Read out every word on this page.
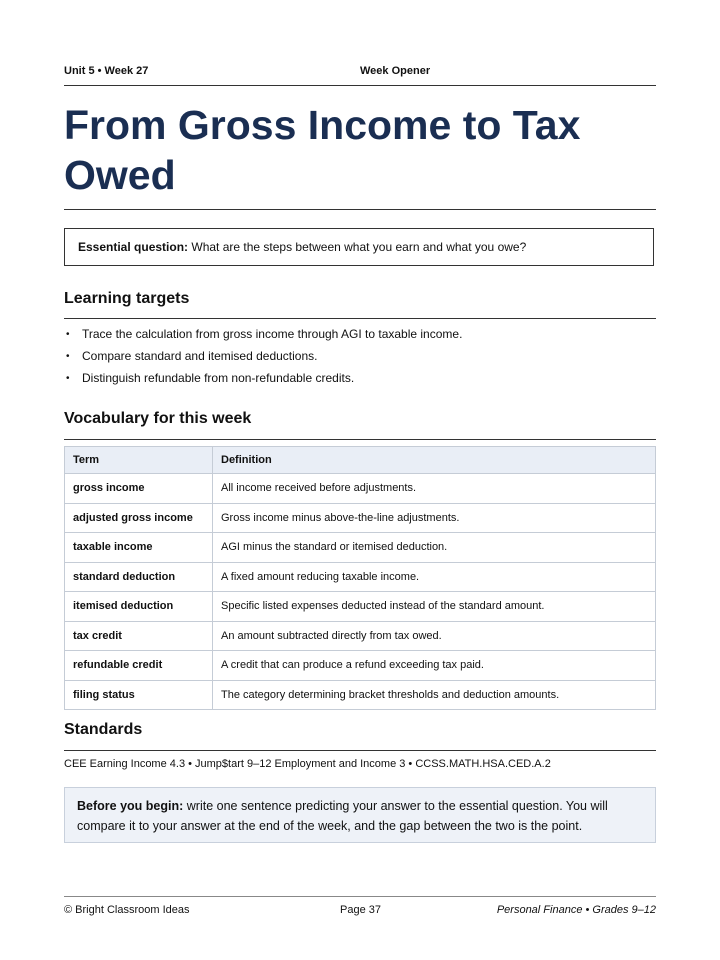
Unit 5 • Week 27	Week Opener
From Gross Income to Tax Owed
Essential question: What are the steps between what you earn and what you owe?
Learning targets
• Trace the calculation from gross income through AGI to taxable income.
• Compare standard and itemised deductions.
• Distinguish refundable from non-refundable credits.
Vocabulary for this week
Term	Definition
gross income	All income received before adjustments.
adjusted gross income	Gross income minus above-the-line adjustments.
taxable income	AGI minus the standard or itemised deduction.
standard deduction	A fixed amount reducing taxable income.
itemised deduction	Specific listed expenses deducted instead of the standard amount.
tax credit	An amount subtracted directly from tax owed.
refundable credit	A credit that can produce a refund exceeding tax paid.
filing status	The category determining bracket thresholds and deduction amounts.
Standards
CEE Earning Income 4.3 • Jump$tart 9–12 Employment and Income 3 • CCSS.MATH.HSA.CED.A.2
Before you begin: write one sentence predicting your answer to the essential question. You will compare it to your answer at the end of the week, and the gap between the two is the point.
© Bright Classroom Ideas	Page 37	Personal Finance • Grades 9–12
